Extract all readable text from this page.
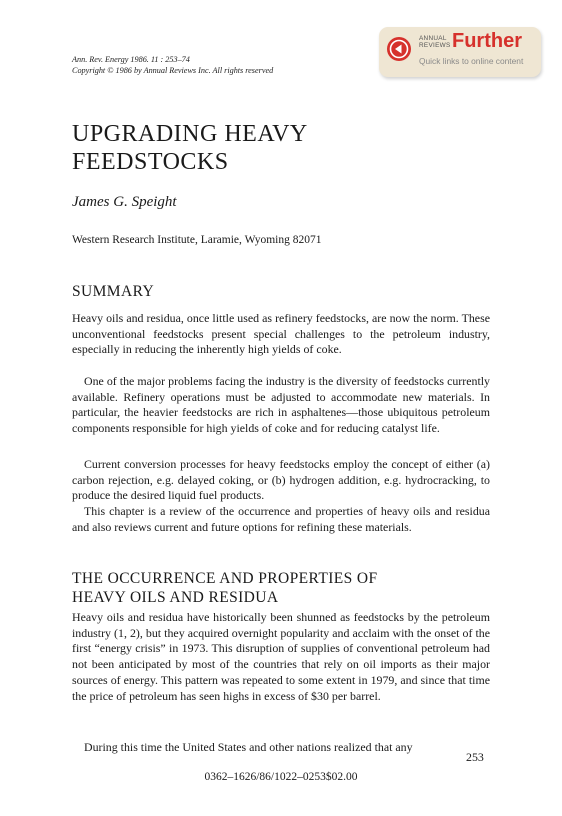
Ann. Rev. Energy 1986. 11 : 253–74
Copyright © 1986 by Annual Reviews Inc. All rights reserved
ANNUAL
REVIEWS Further
Quick links to online content
UPGRADING HEAVY
FEEDSTOCKS
James G. Speight
Western Research Institute, Laramie, Wyoming 82071
SUMMARY

Heavy oils and residua, once little used as refinery feedstocks, are now the norm. These unconventional feedstocks present special challenges to the petroleum industry, especially in reducing the inherently high yields of coke.

One of the major problems facing the industry is the diversity of feedstocks currently available. Refinery operations must be adjusted to accommodate new materials. In particular, the heavier feedstocks are rich in asphaltenes—those ubiquitous petroleum components responsible for high yields of coke and for reducing catalyst life.

Current conversion processes for heavy feedstocks employ the concept of either (a) carbon rejection, e.g. delayed coking, or (b) hydrogen addition, e.g. hydrocracking, to produce the desired liquid fuel products.

This chapter is a review of the occurrence and properties of heavy oils and residua and also reviews current and future options for refining these materials.

THE OCCURRENCE AND PROPERTIES OF
HEAVY OILS AND RESIDUA

Heavy oils and residua have historically been shunned as feedstocks by the petroleum industry (1, 2), but they acquired overnight popularity and acclaim with the onset of the first “energy crisis” in 1973. This disruption of supplies of conventional petroleum had not been anticipated by most of the countries that rely on oil imports as their major sources of energy. This pattern was repeated to some extent in 1979, and since that time the price of petroleum has seen highs in excess of $30 per barrel.

During this time the United States and other nations realized that any

253
0362–1626/86/1022–0253$02.00
